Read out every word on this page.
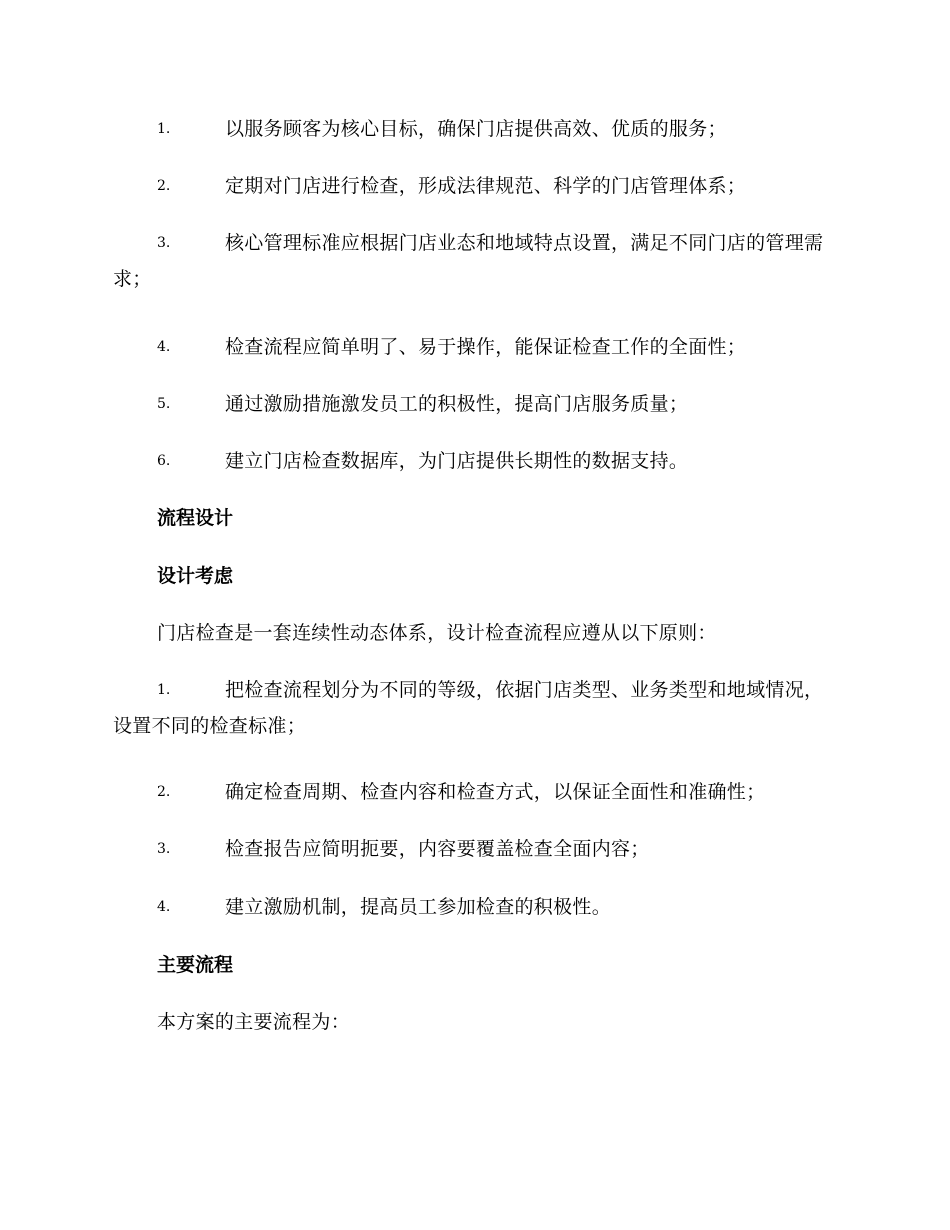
1.	以服务顾客为核心目标，确保门店提供高效、优质的服务；
2.	定期对门店进行检查，形成法律规范、科学的门店管理体系；
3.	核心管理标准应根据门店业态和地域特点设置，满足不同门店的管理需求；
4.	检查流程应简单明了、易于操作，能保证检查工作的全面性；
5.	通过激励措施激发员工的积极性，提高门店服务质量；
6.	建立门店检查数据库，为门店提供长期性的数据支持。
流程设计
设计考虑
门店检查是一套连续性动态体系，设计检查流程应遵从以下原则：
1.	把检查流程划分为不同的等级，依据门店类型、业务类型和地域情况，设置不同的检查标准；
2.	确定检查周期、检查内容和检查方式，以保证全面性和准确性；
3.	检查报告应简明扼要，内容要覆盖检查全面内容；
4.	建立激励机制，提高员工参加检查的积极性。
主要流程
本方案的主要流程为：
